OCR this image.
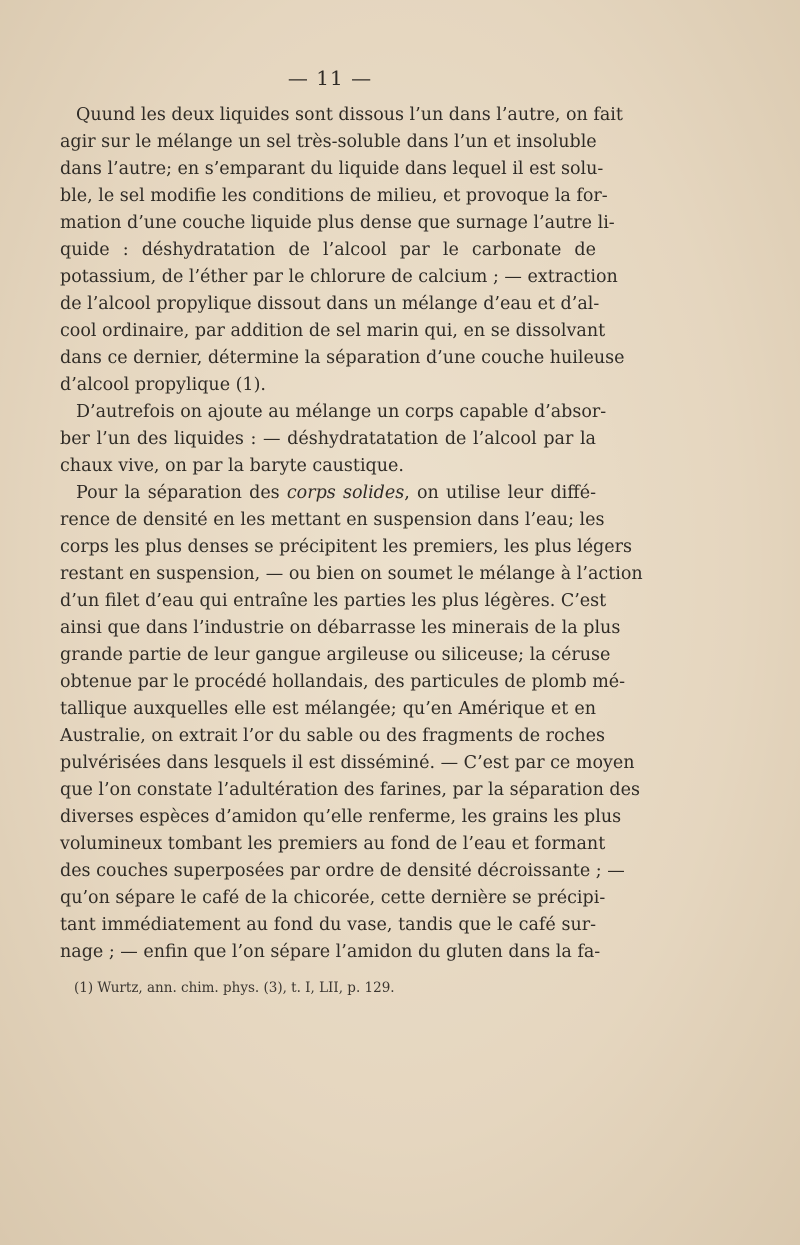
— 11 —
Quund les deux liquides sont dissous l’un dans l’autre, on fait
agir sur le mélange un sel très-soluble dans l’un et insoluble
dans l’autre; en s’emparant du liquide dans lequel il est solu-
ble, le sel modifie les conditions de milieu, et provoque la for-
mation d’une couche liquide plus dense que surnage l’autre li-
quide : déshydratation de l’alcool par le carbonate de
potassium, de l’éther par le chlorure de calcium ; — extraction
de l’alcool propylique dissout dans un mélange d’eau et d’al-
cool ordinaire, par addition de sel marin qui, en se dissolvant
dans ce dernier, détermine la séparation d’une couche huileuse
d’alcool propylique (1).
D’autrefois on ajoute au mélange un corps capable d’absor-
ber l’un des liquides : — déshydratatation de l’alcool par la
chaux vive, on par la baryte caustique.
Pour la séparation des corps solides, on utilise leur diffé-
rence de densité en les mettant en suspension dans l’eau; les
corps les plus denses se précipitent les premiers, les plus légers
restant en suspension, — ou bien on soumet le mélange à l’action
d’un filet d’eau qui entraîne les parties les plus légères. C’est
ainsi que dans l’industrie on débarrasse les minerais de la plus
grande partie de leur gangue argileuse ou siliceuse; la céruse
obtenue par le procédé hollandais, des particules de plomb mé-
tallique auxquelles elle est mélangée; qu’en Amérique et en
Australie, on extrait l’or du sable ou des fragments de roches
pulvérisées dans lesquels il est disséminé. — C’est par ce moyen
que l’on constate l’adultération des farines, par la séparation des
diverses espèces d’amidon qu’elle renferme, les grains les plus
volumineux tombant les premiers au fond de l’eau et formant
des couches superposées par ordre de densité décroissante ; —
qu’on sépare le café de la chicorée, cette dernière se précipi-
tant immédiatement au fond du vase, tandis que le café sur-
nage ; — enfin que l’on sépare l’amidon du gluten dans la fa-
(1) Wurtz, ann. chim. phys. (3), t. I, LII, p. 129.
